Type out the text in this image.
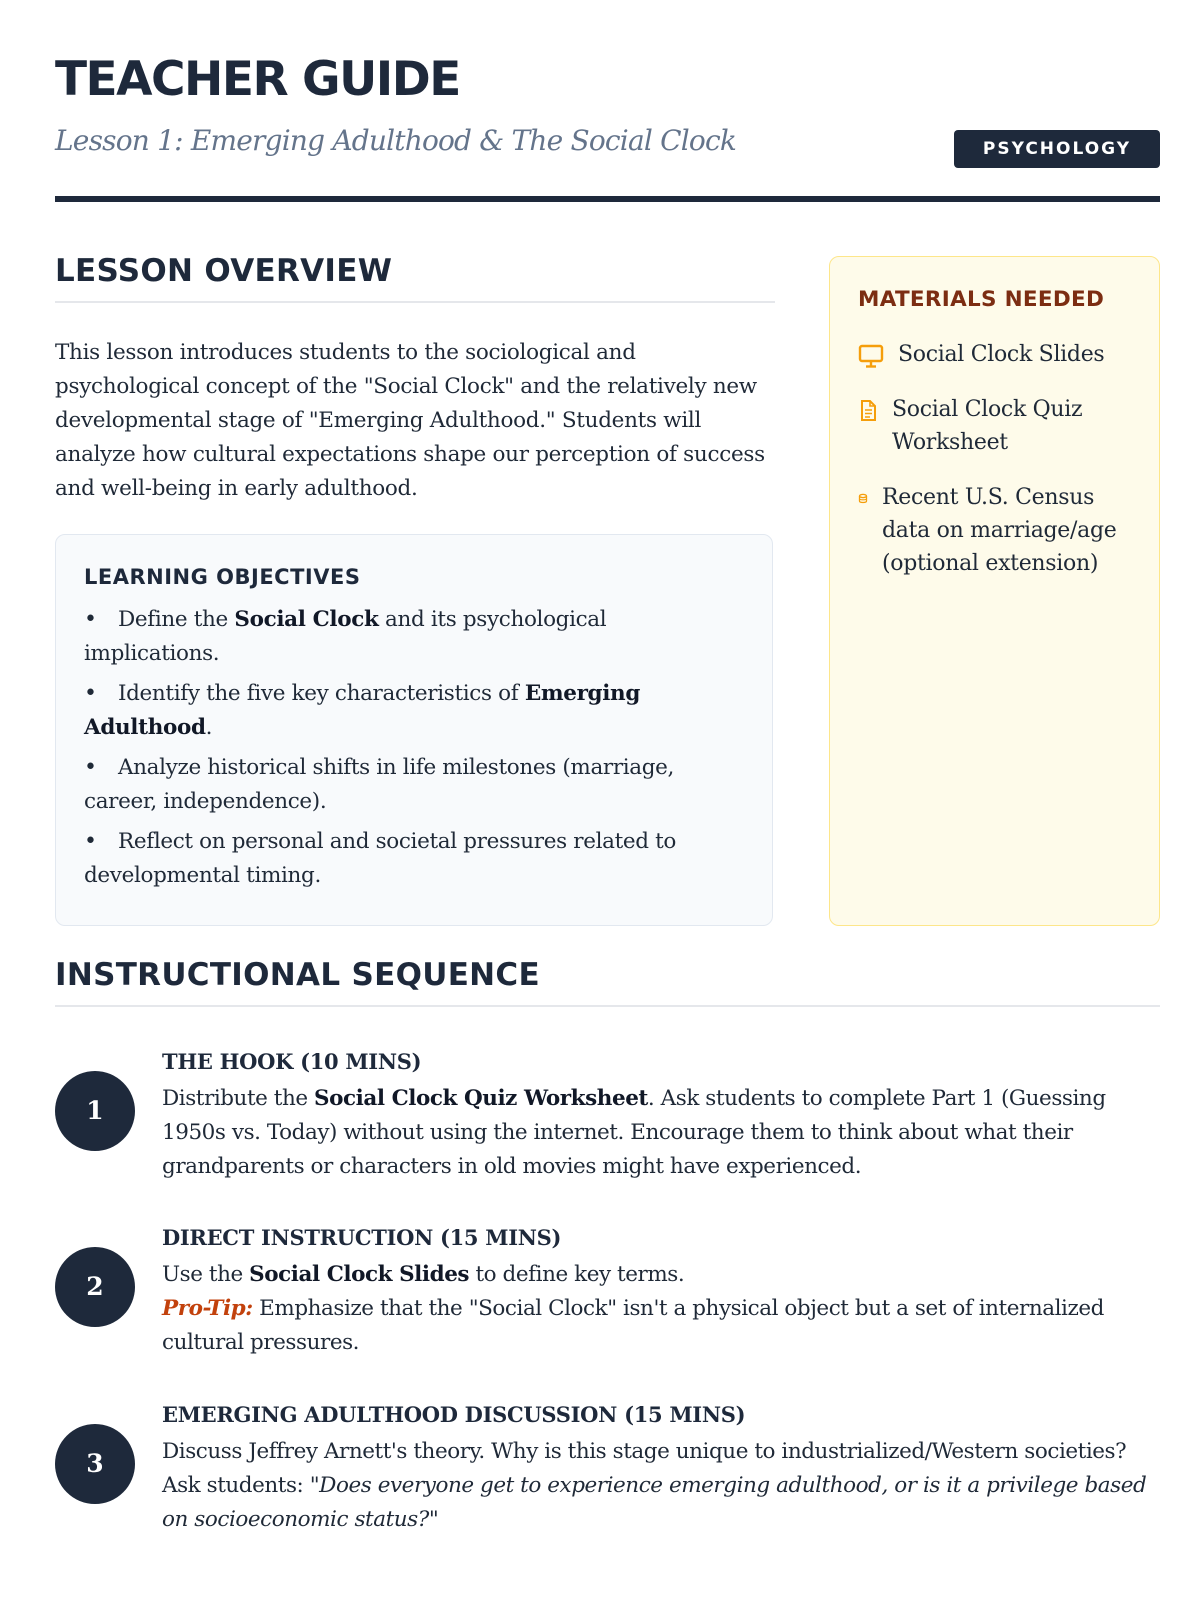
TEACHER GUIDE
Lesson 1: Emerging Adulthood & The Social Clock	PSYCHOLOGY
LESSON OVERVIEW

This lesson introduces students to the sociological and psychological concept of the "Social Clock" and the relatively new developmental stage of "Emerging Adulthood." Students will analyze how cultural expectations shape our perception of success and well-being in early adulthood.

LEARNING OBJECTIVES
• Define the Social Clock and its psychological implications.
• Identify the five key characteristics of Emerging Adulthood.
• Analyze historical shifts in life milestones (marriage, career, independence).
• Reflect on personal and societal pressures related to developmental timing.
MATERIALS NEEDED
Social Clock Slides
Social Clock Quiz Worksheet
Recent U.S. Census data on marriage/age (optional extension)
INSTRUCTIONAL SEQUENCE
1
THE HOOK (10 MINS)

Distribute the Social Clock Quiz Worksheet. Ask students to complete Part 1 (Guessing 1950s vs. Today) without using the internet. Encourage them to think about what their grandparents or characters in old movies might have experienced.

2
DIRECT INSTRUCTION (15 MINS)

Use the Social Clock Slides to define key terms.
Pro-Tip: Emphasize that the "Social Clock" isn't a physical object but a set of internalized cultural pressures.

3
EMERGING ADULTHOOD DISCUSSION (15 MINS)

Discuss Jeffrey Arnett's theory. Why is this stage unique to industrialized/Western societies? Ask students: "Does everyone get to experience emerging adulthood, or is it a privilege based on socioeconomic status?"
